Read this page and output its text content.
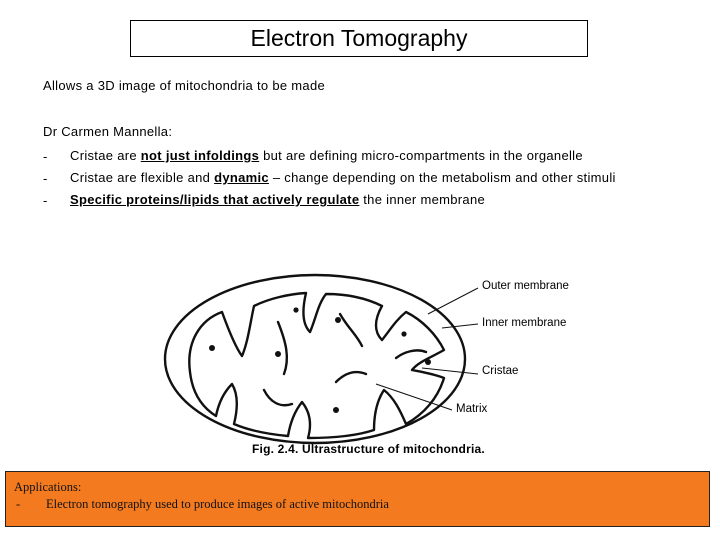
Electron Tomography
Allows a 3D image of mitochondria to be made
Dr Carmen Mannella:
-	Cristae are not just infoldings but are defining micro-compartments in the organelle
-	Cristae are flexible and dynamic – change depending on the metabolism and other stimuli
-	Specific proteins/lipids that actively regulate the inner membrane
Outer membrane
Inner membrane
Cristae
Matrix
Fig. 2.4. Ultrastructure of mitochondria.
Applications:
-	Electron tomography used to produce images of active mitochondria
